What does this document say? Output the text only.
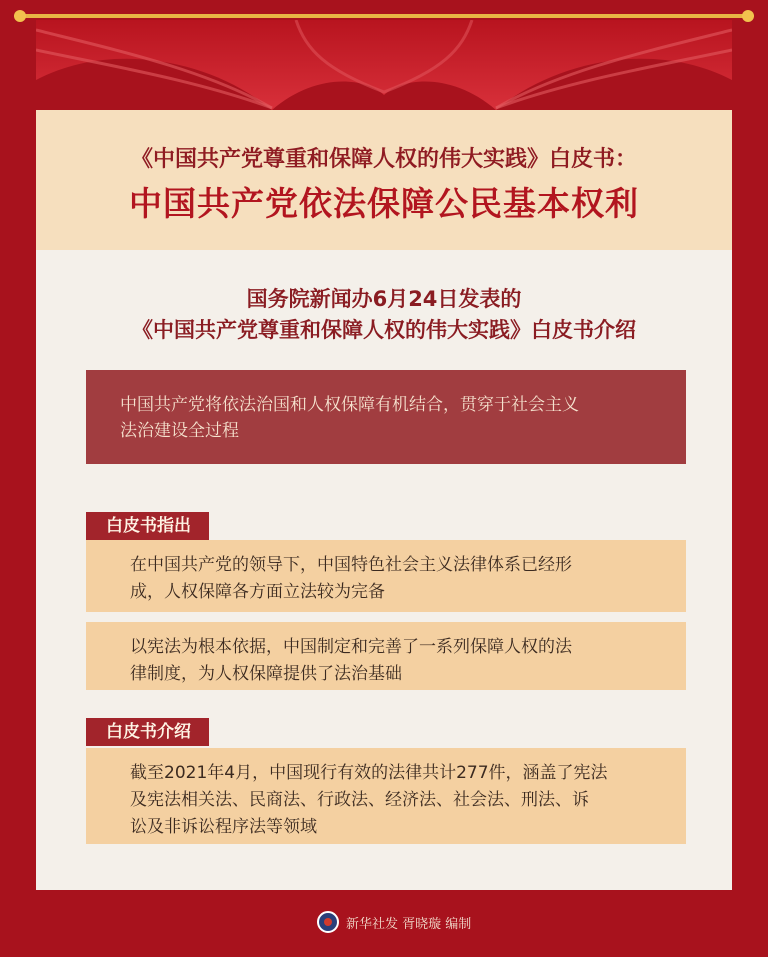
《中国共产党尊重和保障人权的伟大实践》白皮书：
中国共产党依法保障公民基本权利
国务院新闻办6月24日发表的
《中国共产党尊重和保障人权的伟大实践》白皮书介绍
中国共产党将依法治国和人权保障有机结合，贯穿于社会主义
法治建设全过程
白皮书指出
在中国共产党的领导下，中国特色社会主义法律体系已经形
成，人权保障各方面立法较为完备
以宪法为根本依据，中国制定和完善了一系列保障人权的法
律制度，为人权保障提供了法治基础
白皮书介绍
截至2021年4月，中国现行有效的法律共计277件，涵盖了宪法
及宪法相关法、民商法、行政法、经济法、社会法、刑法、诉
讼及非诉讼程序法等领域
新华社发 胥晓璇 编制
